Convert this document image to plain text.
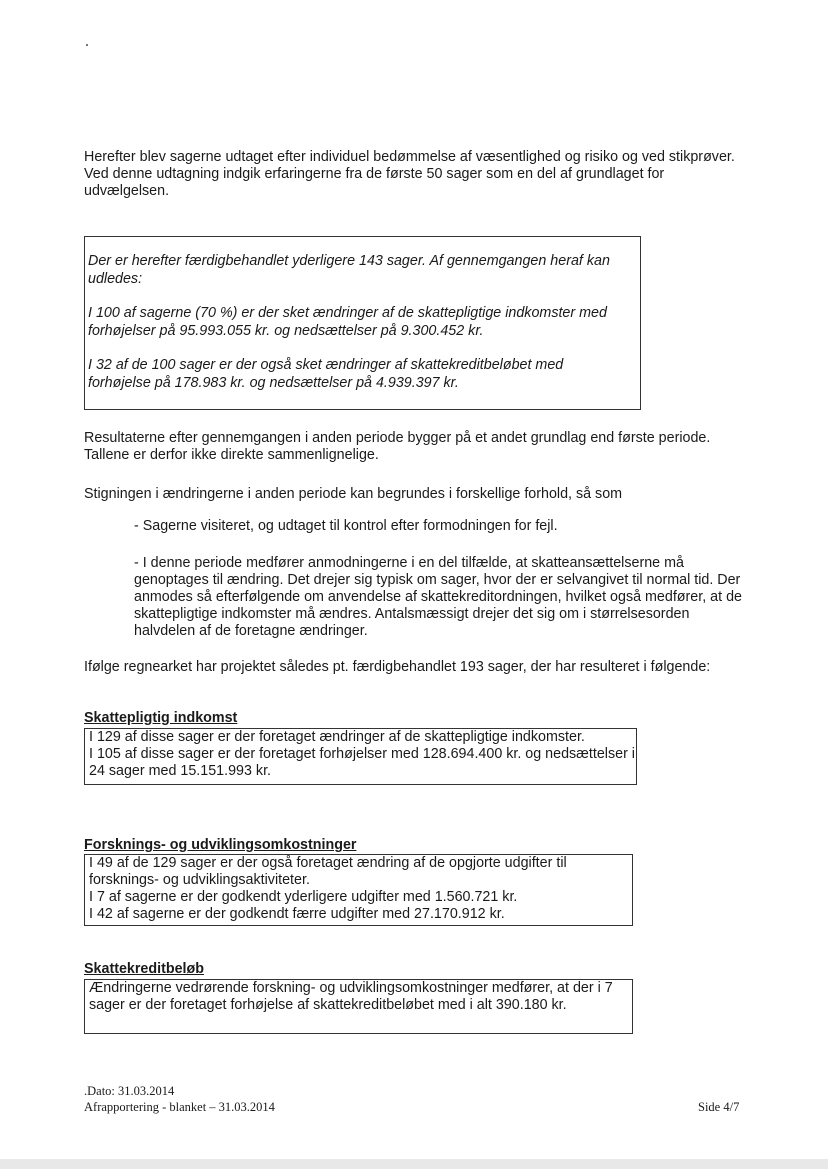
Herefter blev sagerne udtaget efter individuel bedømmelse af væsentlighed og risiko og ved stikprøver.

Ved denne udtagning indgik erfaringerne fra de første 50 sager som en del af grundlaget for udvælgelsen.

Der er herefter færdigbehandlet yderligere 143 sager. Af gennemgangen heraf kan udledes:

I 100 af sagerne (70 %) er der sket ændringer af de skattepligtige indkomster med forhøjelser på 95.993.055 kr. og nedsættelser på 9.300.452 kr.

I 32 af de 100 sager er der også sket ændringer af skattekreditbeløbet med forhøjelse på 178.983 kr. og nedsættelser på 4.939.397 kr.

Resultaterne efter gennemgangen i anden periode bygger på et andet grundlag end første periode.

Tallene er derfor ikke direkte sammenlignelige.

Stigningen i ændringerne i anden periode kan begrundes i forskellige forhold, så som

- Sagerne visiteret, og udtaget til kontrol efter formodningen for fejl.

- I denne periode medfører anmodningerne i en del tilfælde, at skatteansættelserne må genoptages til ændring. Det drejer sig typisk om sager, hvor der er selvangivet til normal tid. Der anmodes så efterfølgende om anvendelse af skattekreditordningen, hvilket også medfører, at de skattepligtige indkomster må ændres. Antalsmæssigt drejer det sig om i størrelsesorden halvdelen af de foretagne ændringer.

Ifølge regnearket har projektet således pt. færdigbehandlet 193 sager, der har resulteret i følgende:

Skattepligtig indkomst

I 129 af disse sager er der foretaget ændringer af de skattepligtige indkomster.

I 105 af disse sager er der foretaget forhøjelser med 128.694.400 kr. og nedsættelser i 24 sager med 15.151.993 kr.

Forsknings- og udviklingsomkostninger

I 49 af de 129 sager er der også foretaget ændring af de opgjorte udgifter til forsknings- og udviklingsaktiviteter.

I 7 af sagerne er der godkendt yderligere udgifter med 1.560.721 kr.

I 42 af sagerne er der godkendt færre udgifter med 27.170.912 kr.

Skattekreditbeløb

Ændringerne vedrørende forskning- og udviklingsomkostninger medfører, at der i 7 sager er der foretaget forhøjelse af skattekreditbeløbet med i alt 390.180 kr.

.Dato: 31.03.2014
Afrapportering - blanket – 31.03.2014	Side 4/7
